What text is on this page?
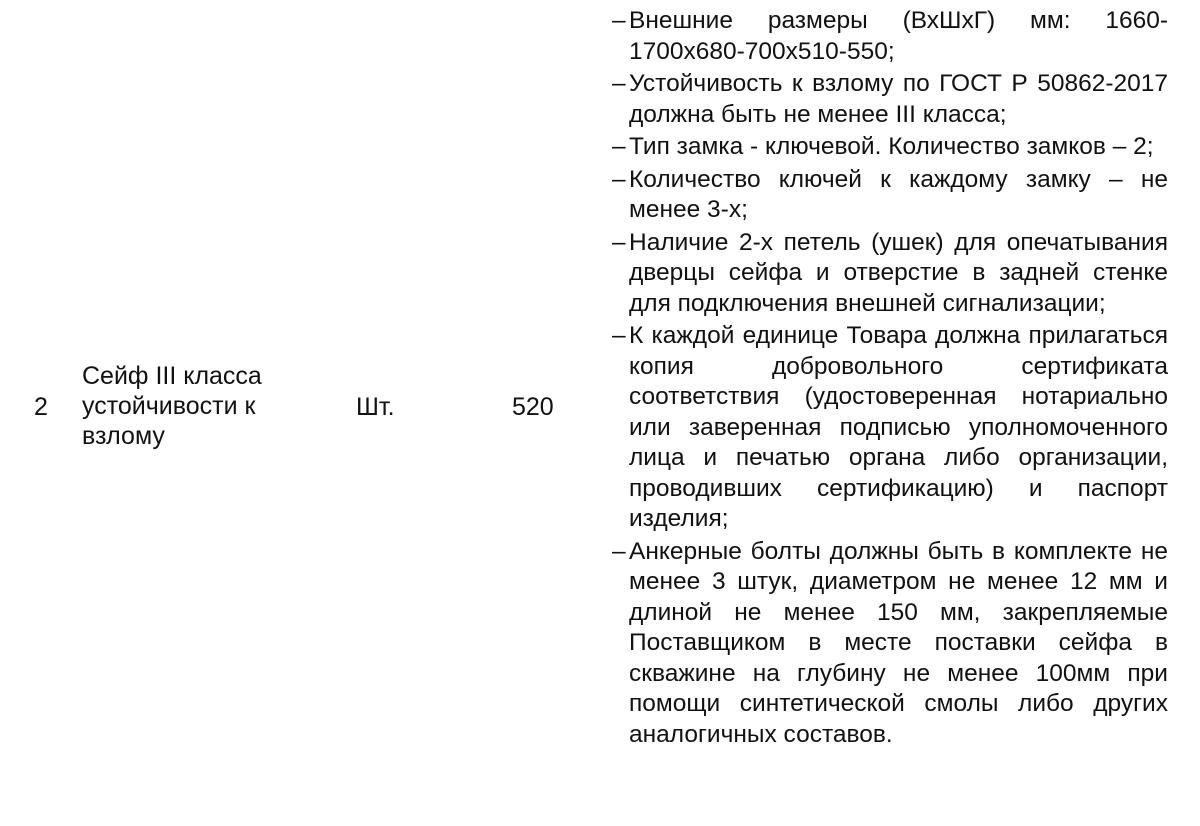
2
Сейф III класса
устойчивости к
взлому
Шт.	520
– Внешние размеры (ВхШхГ) мм: 1660-1700х680-700х510-550;
– Устойчивость к взлому по ГОСТ Р 50862-2017 должна быть не менее III класса;
– Тип замка - ключевой. Количество замков – 2;
– Количество ключей к каждому замку – не менее 3-х;
– Наличие 2-х петель (ушек) для опечатывания дверцы сейфа и отверстие в задней стенке для подключения внешней сигнализации;
– К каждой единице Товара должна прилагаться копия добровольного сертификата соответствия (удостоверенная нотариально или заверенная подписью уполномоченного лица и печатью органа либо организации, проводивших сертификацию) и паспорт изделия;
– Анкерные болты должны быть в комплекте не менее 3 штук, диаметром не менее 12 мм и длиной не менее 150 мм, закрепляемые Поставщиком в месте поставки сейфа в скважине на глубину не менее 100мм при помощи синтетической смолы либо других аналогичных составов.
